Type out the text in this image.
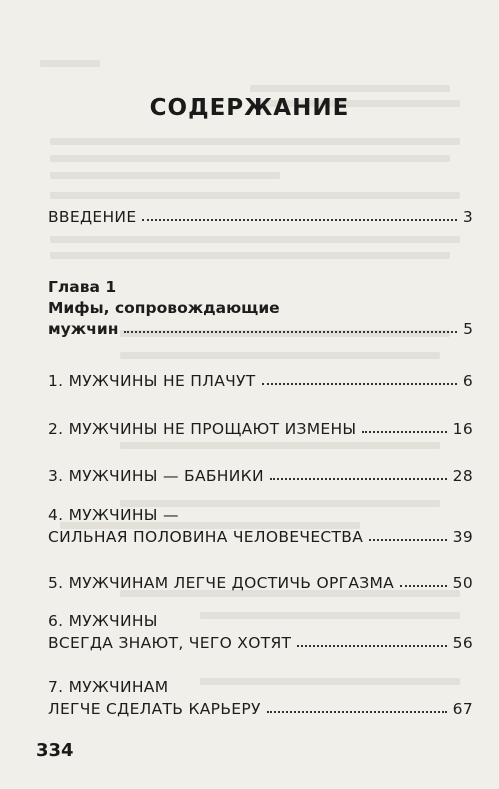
СОДЕРЖАНИЕ
ВВЕДЕНИЕ	3
Глава 1
Мифы, сопровождающие
мужчин	5
1. МУЖЧИНЫ НЕ ПЛАЧУТ	6
2. МУЖЧИНЫ НЕ ПРОЩАЮТ ИЗМЕНЫ	16
3. МУЖЧИНЫ — БАБНИКИ	28
4. МУЖЧИНЫ —
СИЛЬНАЯ ПОЛОВИНА ЧЕЛОВЕЧЕСТВА	39
5. МУЖЧИНАМ ЛЕГЧЕ ДОСТИЧЬ ОРГАЗМА	50
6. МУЖЧИНЫ
ВСЕГДА ЗНАЮТ, ЧЕГО ХОТЯТ	56
7. МУЖЧИНАМ
ЛЕГЧЕ СДЕЛАТЬ КАРЬЕРУ	67
334
